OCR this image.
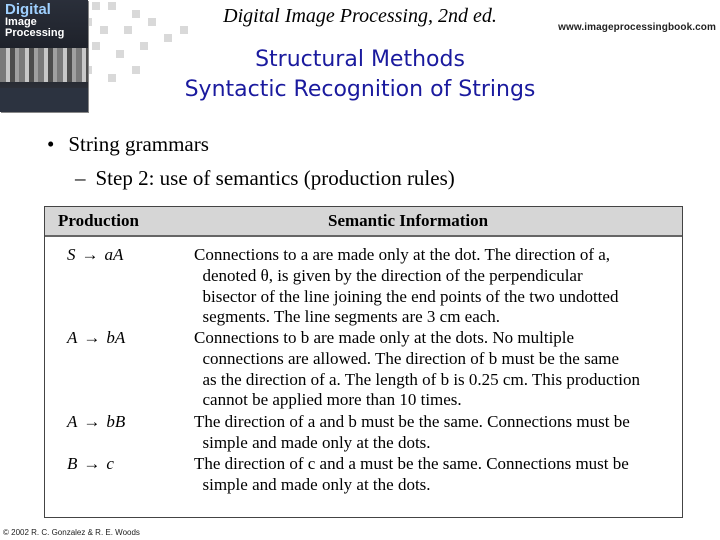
Digital
Image
Processing
Digital Image Processing, 2nd ed.
www.imageprocessingbook.com
Structural Methods
Syntactic Recognition of Strings
• String grammars
– Step 2: use of semantics (production rules)
Production	Semantic Information
S → aA	Connections to a are made only at the dot. The direction of a,
denoted θ, is given by the direction of the perpendicular
bisector of the line joining the end points of the two undotted
segments. The line segments are 3 cm each.
A → bA	Connections to b are made only at the dots. No multiple
connections are allowed. The direction of b must be the same
as the direction of a. The length of b is 0.25 cm. This production
cannot be applied more than 10 times.
A → bB	The direction of a and b must be the same. Connections must be
simple and made only at the dots.
B → c	The direction of c and a must be the same. Connections must be
simple and made only at the dots.
© 2002 R. C. Gonzalez & R. E. Woods
